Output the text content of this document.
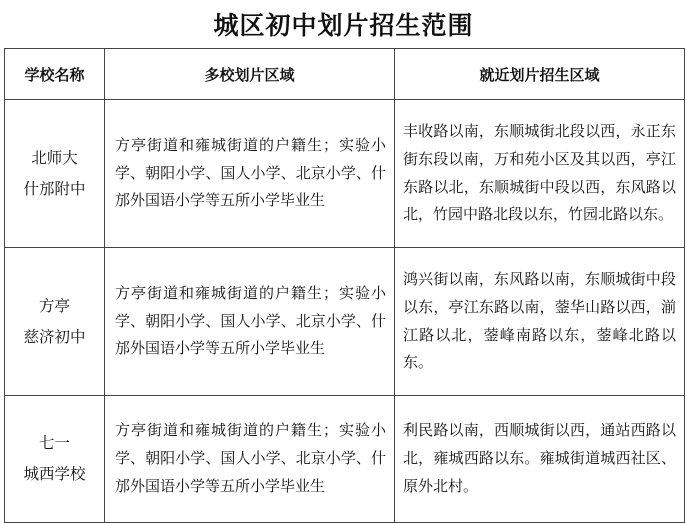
城区初中划片招生范围
学校名称	多校划片区域	就近划片招生区域

北师大
什邡附中	方亭街道和雍城街道的户籍生；实验小学、朝阳小学、国人小学、北京小学、什邡外国语小学等五所小学毕业生	丰收路以南，东顺城街北段以西，永正东街东段以南，万和苑小区及其以西，亭江东路以北，东顺城街中段以西，东风路以北，竹园中路北段以东，竹园北路以东。

方亭
慈济初中	方亭街道和雍城街道的户籍生；实验小学、朝阳小学、国人小学、北京小学、什邡外国语小学等五所小学毕业生	鸿兴街以南，东风路以南，东顺城街中段以东，亭江东路以南，蓥华山路以西，湔江路以北，蓥峰南路以东，蓥峰北路以东。

七一
城西学校	方亭街道和雍城街道的户籍生；实验小学、朝阳小学、国人小学、北京小学、什邡外国语小学等五所小学毕业生	利民路以南，西顺城街以西，通站西路以北，雍城西路以东。雍城街道城西社区、原外北村。
